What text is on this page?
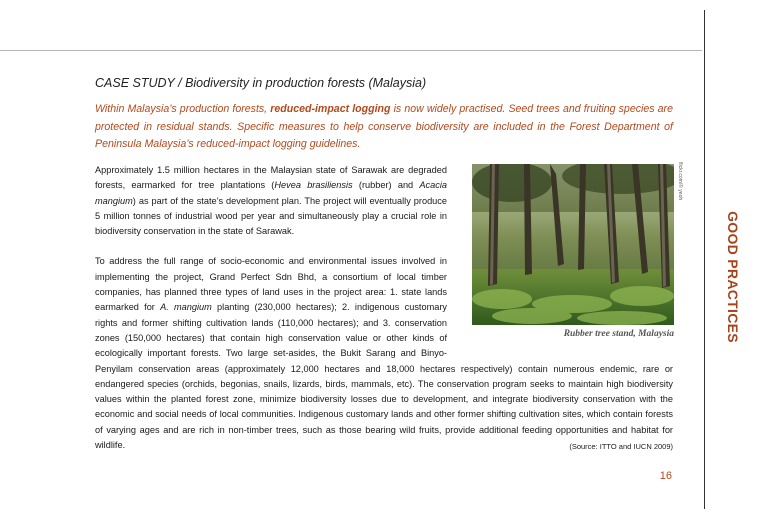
GOOD PRACTICES
CASE STUDY / Biodiversity in production forests (Malaysia)
Within Malaysia’s production forests, reduced-impact logging is now widely practised. Seed trees and fruiting species are protected in residual stands. Specific measures to help conserve biodiversity are included in the Forest Department of Peninsula Malaysia’s reduced-impact logging guidelines.

Approximately 1.5 million hectares in the Malaysian state of Sarawak are degraded forests, earmarked for tree plantations (Hevea brasiliensis (rubber) and Acacia mangium) as part of the state’s development plan. The project will eventually produce 5 million tonnes of industrial wood per year and simultaneously play a crucial role in biodiversity conservation in the state of Sarawak.

To address the full range of socio-economic and environmental issues involved in implementing the project, Grand Perfect Sdn Bhd, a consortium of local timber companies, has planned three types of land uses in the project area: 1. state lands earmarked for A. mangium planting (230,000 hectares); 2. indigenous customary rights and former shifting cultivation lands (110,000 hectares); and 3. conservation zones (150,000 hectares) that contain high conservation value or other kinds of ecologically important forests. Two large set-asides, the Bukit Sarang and Binyo-Penyilam conservation areas (approximately 12,000 hectares and 18,000 hectares respectively) contain numerous endemic, rare or endangered species (orchids, begonias, snails, lizards, birds, mammals, etc). The conservation program seeks to maintain high biodiversity values within the planted forest zone, minimize biodiversity losses due to development, and integrate biodiversity conservation with the economic and social needs of local communities. Indigenous customary lands and other former shifting cultivation sites, which contain forests of varying ages and are rich in non-timber trees, such as those bearing wild fruits, provide additional feeding opportunities and habitat for wildlife.	(Source: ITTO and IUCN 2009)

flickr.com/© yeoh
Rubber tree stand, Malaysia
16
